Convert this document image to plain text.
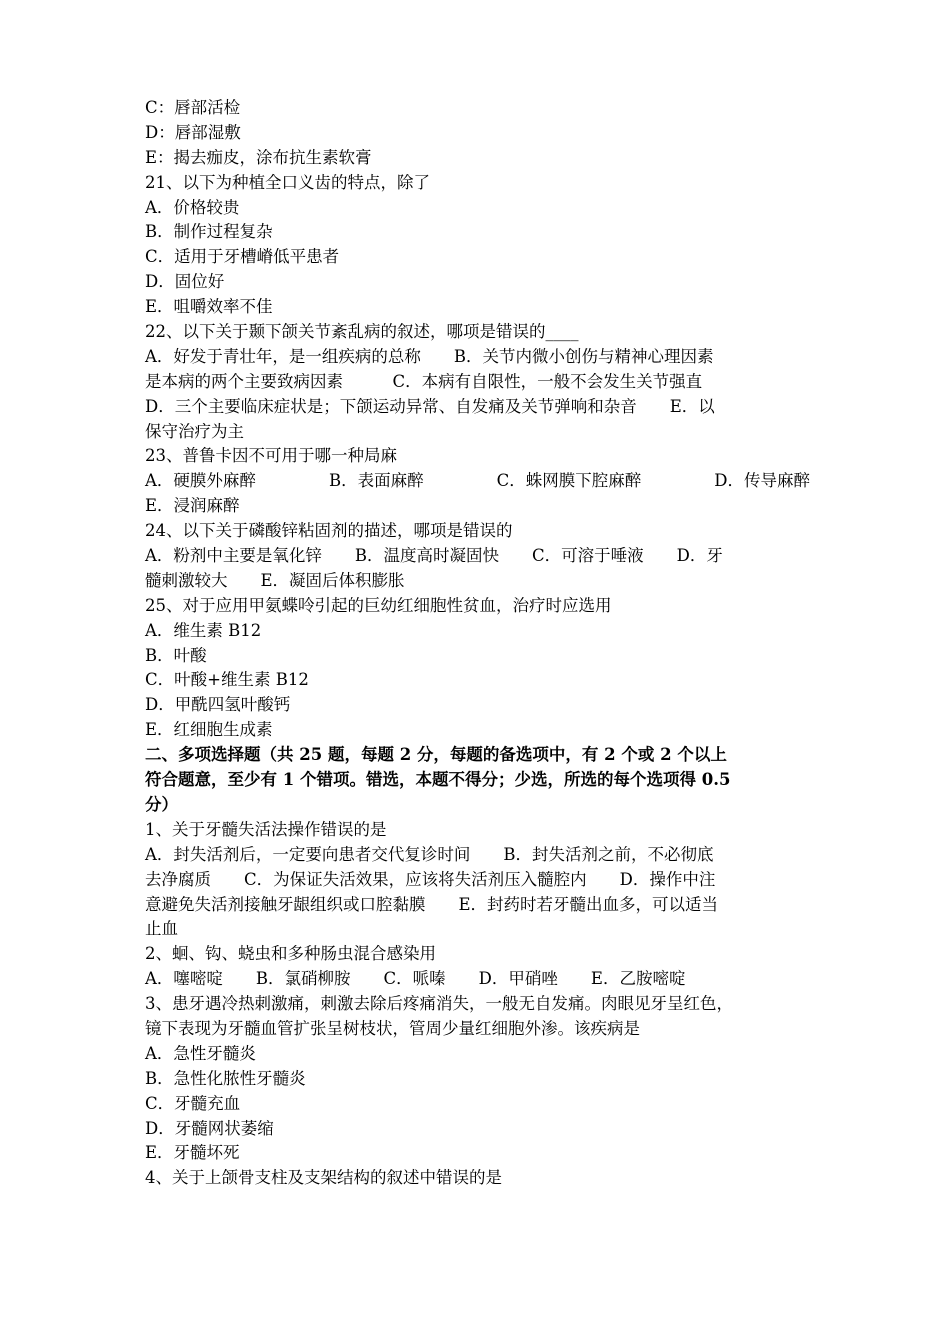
C：唇部活检
D：唇部湿敷
E：揭去痂皮，涂布抗生素软膏
21、以下为种植全口义齿的特点，除了
A．价格较贵
B．制作过程复杂
C．适用于牙槽嵴低平患者
D．固位好
E．咀嚼效率不佳
22、以下关于颞下颌关节紊乱病的叙述，哪项是错误的____
A．好发于青壮年，是一组疾病的总称　　B．关节内微小创伤与精神心理因素
是本病的两个主要致病因素　　　C．本病有自限性，一般不会发生关节强直
D．三个主要临床症状是；下颌运动异常、自发痛及关节弹响和杂音　　E．以
保守治疗为主
23、普鲁卡因不可用于哪一种局麻
A．硬膜外麻醉	B．表面麻醉	C．蛛网膜下腔麻醉	D．传导麻醉
E．浸润麻醉
24、以下关于磷酸锌粘固剂的描述，哪项是错误的
A．粉剂中主要是氧化锌　　B．温度高时凝固快　　C．可溶于唾液　　D．牙
髓刺激较大　　E．凝固后体积膨胀
25、对于应用甲氨蝶呤引起的巨幼红细胞性贫血，治疗时应选用
A．维生素 B12
B．叶酸
C．叶酸+维生素 B12
D．甲酰四氢叶酸钙
E．红细胞生成素
二、多项选择题（共 25 题，每题 2 分，每题的备选项中，有 2 个或 2 个以上
符合题意，至少有 1 个错项。错选，本题不得分；少选，所选的每个选项得 0.5
分）
1、关于牙髓失活法操作错误的是
A．封失活剂后，一定要向患者交代复诊时间　　B．封失活剂之前，不必彻底
去净腐质　　C．为保证失活效果，应该将失活剂压入髓腔内　　D．操作中注
意避免失活剂接触牙龈组织或口腔黏膜　　E．封药时若牙髓出血多，可以适当
止血
2、蛔、钩、蛲虫和多种肠虫混合感染用
A．噻嘧啶　　B．氯硝柳胺　　C．哌嗪　　D．甲硝唑　　E．乙胺嘧啶
3、患牙遇冷热刺激痛，刺激去除后疼痛消失，一般无自发痛。肉眼见牙呈红色，
镜下表现为牙髓血管扩张呈树枝状，管周少量红细胞外渗。该疾病是
A．急性牙髓炎
B．急性化脓性牙髓炎
C．牙髓充血
D．牙髓网状萎缩
E．牙髓坏死
4、关于上颌骨支柱及支架结构的叙述中错误的是
